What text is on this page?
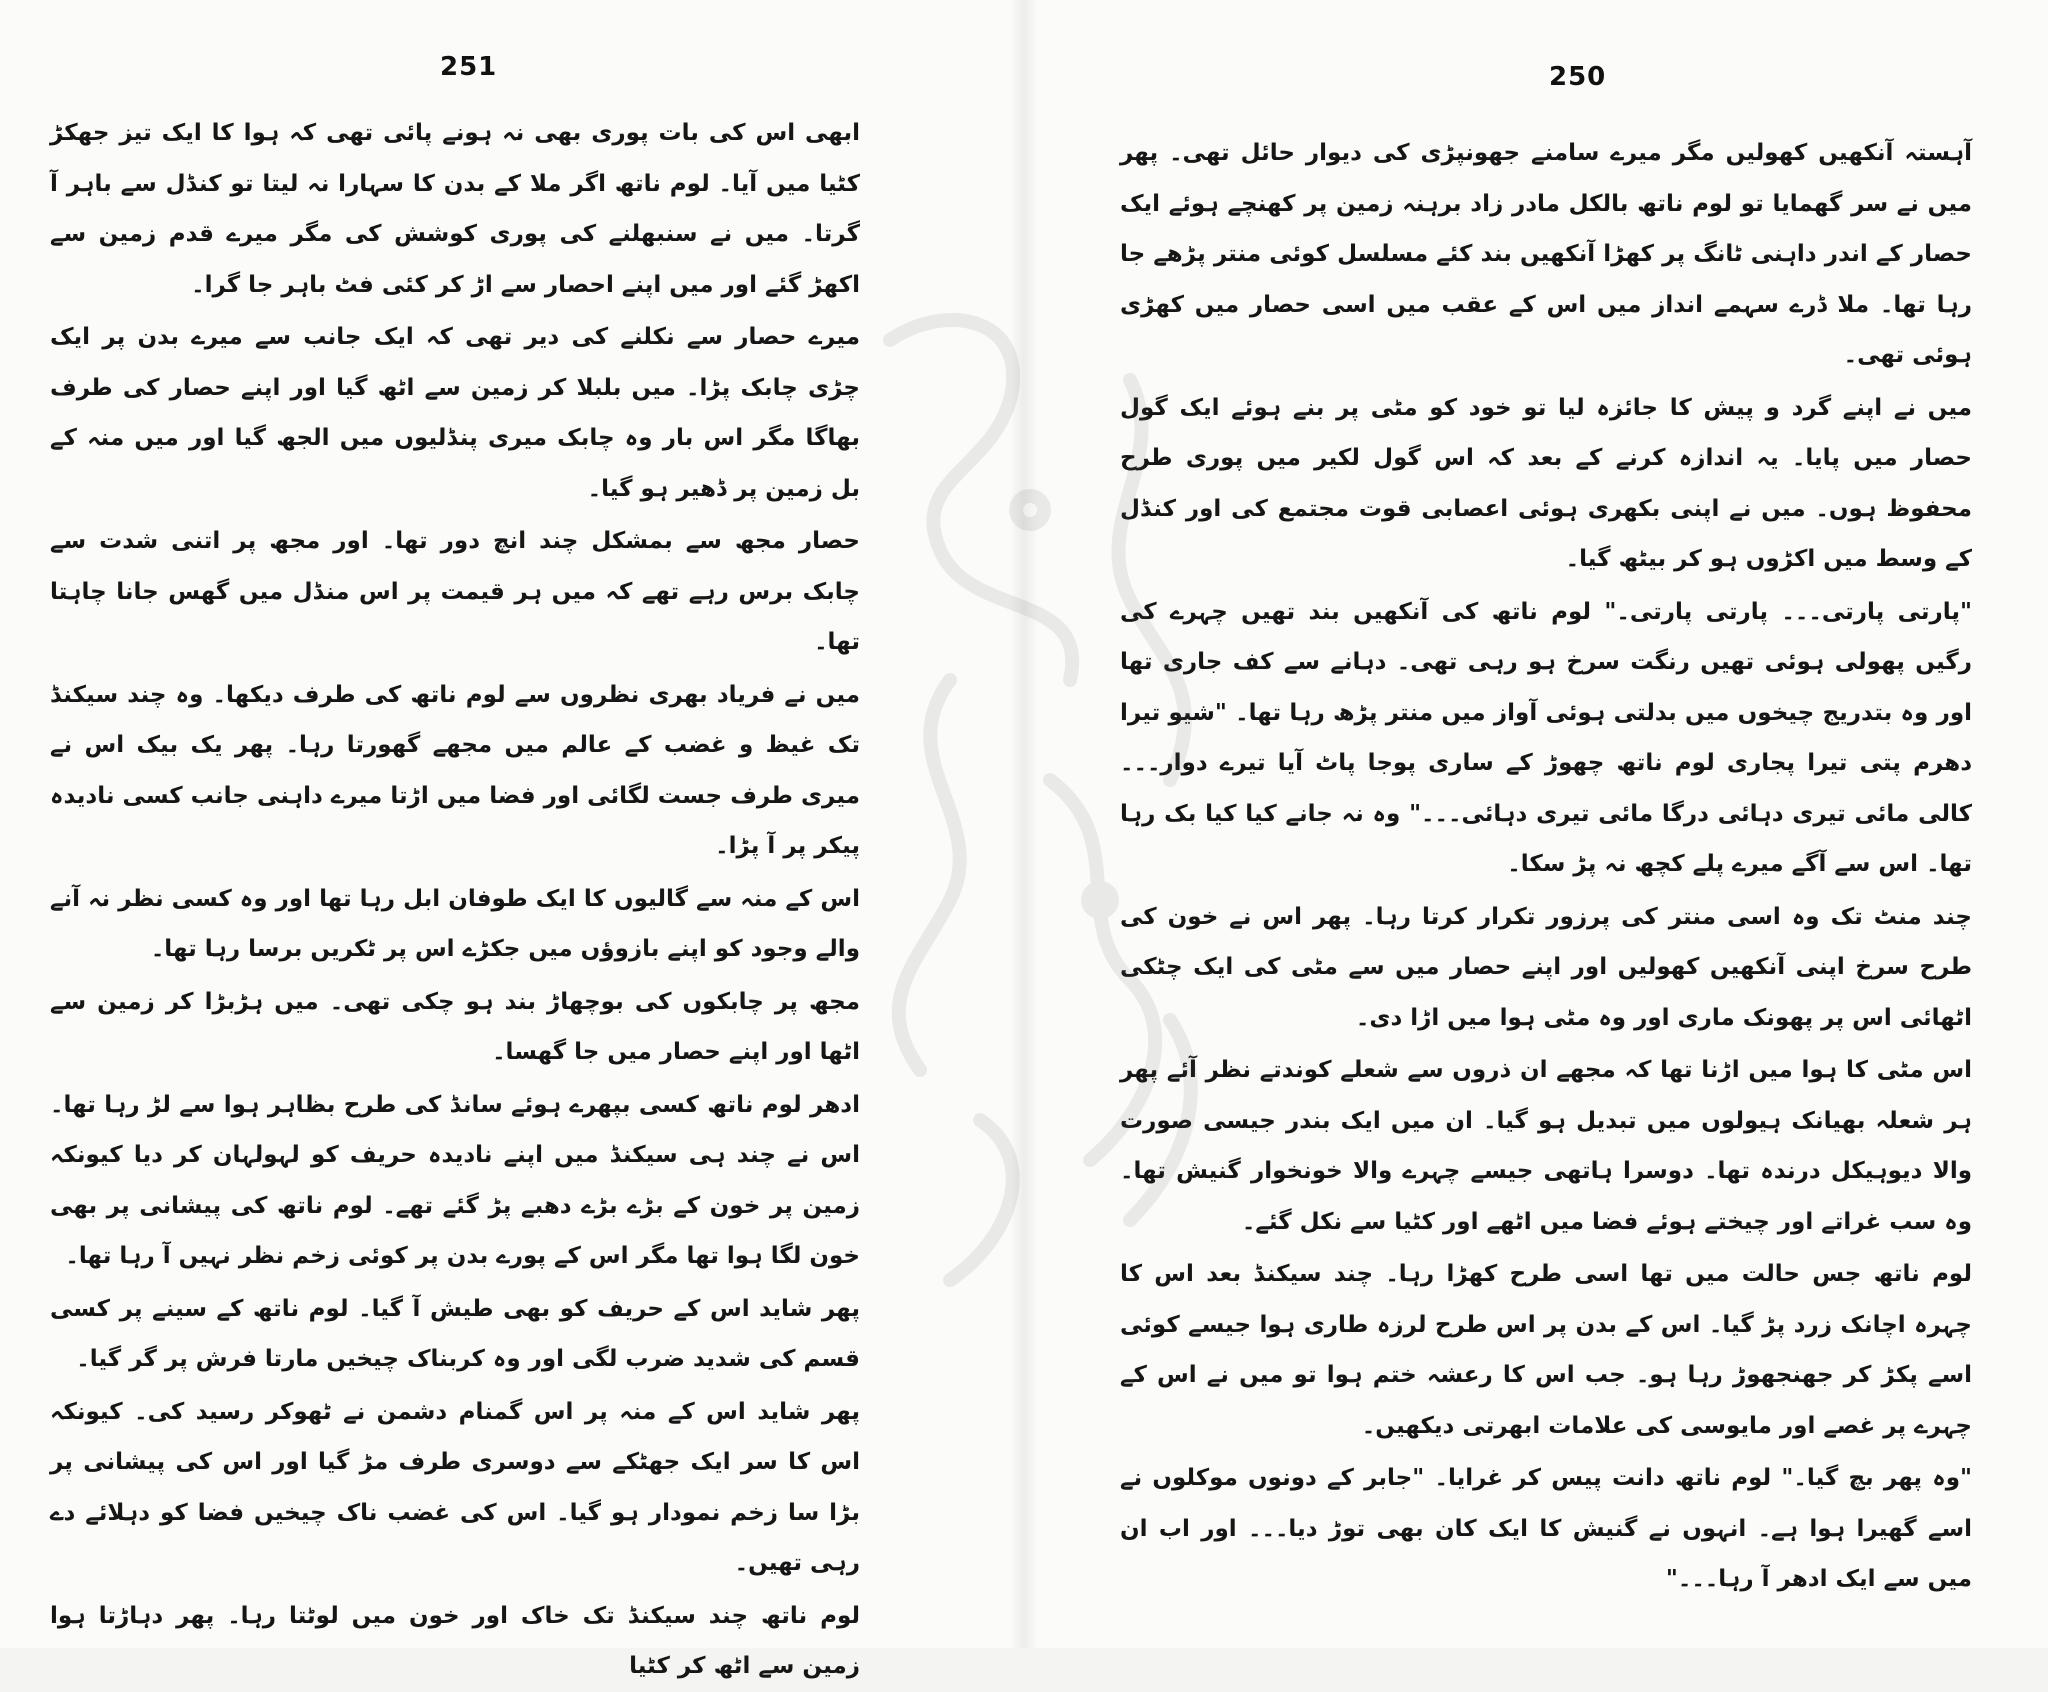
251

ابھی اس کی بات پوری بھی نہ ہونے پائی تھی کہ ہوا کا ایک تیز جھکڑ کٹیا میں آیا۔ لوم ناتھ اگر ملا کے بدن کا سہارا نہ لیتا تو کنڈل سے باہر آ گرتا۔ میں نے سنبھلنے کی پوری کوشش کی مگر میرے قدم زمین سے اکھڑ گئے اور میں اپنے احصار سے اڑ کر کئی فٹ باہر جا گرا۔

میرے حصار سے نکلنے کی دیر تھی کہ ایک جانب سے میرے بدن پر ایک چڑی چابک پڑا۔ میں بلبلا کر زمین سے اٹھ گیا اور اپنے حصار کی طرف بھاگا مگر اس بار وہ چابک میری پنڈلیوں میں الجھ گیا اور میں منہ کے بل زمین پر ڈھیر ہو گیا۔

حصار مجھ سے بمشکل چند انچ دور تھا۔ اور مجھ پر اتنی شدت سے چابک برس رہے تھے کہ میں ہر قیمت پر اس منڈل میں گھس جانا چاہتا تھا۔

میں نے فریاد بھری نظروں سے لوم ناتھ کی طرف دیکھا۔ وہ چند سیکنڈ تک غیظ و غضب کے عالم میں مجھے گھورتا رہا۔ پھر یک بیک اس نے میری طرف جست لگائی اور فضا میں اڑتا میرے داہنی جانب کسی نادیدہ پیکر پر آ پڑا۔

اس کے منہ سے گالیوں کا ایک طوفان ابل رہا تھا اور وہ کسی نظر نہ آنے والے وجود کو اپنے بازوؤں میں جکڑے اس پر ٹکریں برسا رہا تھا۔

مجھ پر چابکوں کی بوچھاڑ بند ہو چکی تھی۔ میں ہڑبڑا کر زمین سے اٹھا اور اپنے حصار میں جا گھسا۔

ادھر لوم ناتھ کسی بپھرے ہوئے سانڈ کی طرح بظاہر ہوا سے لڑ رہا تھا۔ اس نے چند ہی سیکنڈ میں اپنے نادیدہ حریف کو لہولہان کر دیا کیونکہ زمین پر خون کے بڑے بڑے دھبے پڑ گئے تھے۔ لوم ناتھ کی پیشانی پر بھی خون لگا ہوا تھا مگر اس کے پورے بدن پر کوئی زخم نظر نہیں آ رہا تھا۔

پھر شاید اس کے حریف کو بھی طیش آ گیا۔ لوم ناتھ کے سینے پر کسی قسم کی شدید ضرب لگی اور وہ کربناک چیخیں مارتا فرش پر گر گیا۔

پھر شاید اس کے منہ پر اس گمنام دشمن نے ٹھوکر رسید کی۔ کیونکہ اس کا سر ایک جھٹکے سے دوسری طرف مڑ گیا اور اس کی پیشانی پر بڑا سا زخم نمودار ہو گیا۔ اس کی غضب ناک چیخیں فضا کو دہلائے دے رہی تھیں۔

لوم ناتھ چند سیکنڈ تک خاک اور خون میں لوٹتا رہا۔ پھر دہاڑتا ہوا زمین سے اٹھ کر کٹیا

250

آہستہ آنکھیں کھولیں مگر میرے سامنے جھونپڑی کی دیوار حائل تھی۔ پھر میں نے سر گھمایا تو لوم ناتھ بالکل مادر زاد برہنہ زمین پر کھنچے ہوئے ایک حصار کے اندر داہنی ٹانگ پر کھڑا آنکھیں بند کئے مسلسل کوئی منتر پڑھے جا رہا تھا۔ ملا ڈرے سہمے انداز میں اس کے عقب میں اسی حصار میں کھڑی ہوئی تھی۔

میں نے اپنے گرد و پیش کا جائزہ لیا تو خود کو مٹی پر بنے ہوئے ایک گول حصار میں پایا۔ یہ اندازہ کرنے کے بعد کہ اس گول لکیر میں پوری طرح محفوظ ہوں۔ میں نے اپنی بکھری ہوئی اعصابی قوت مجتمع کی اور کنڈل کے وسط میں اکڑوں ہو کر بیٹھ گیا۔

"پارتی پارتی۔۔۔ پارتی پارتی۔" لوم ناتھ کی آنکھیں بند تھیں چہرے کی رگیں پھولی ہوئی تھیں رنگت سرخ ہو رہی تھی۔ دہانے سے کف جاری تھا اور وہ بتدریج چیخوں میں بدلتی ہوئی آواز میں منتر پڑھ رہا تھا۔ "شیو تیرا دھرم پتی تیرا پجاری لوم ناتھ چھوڑ کے ساری پوجا پاٹ آیا تیرے دوار۔۔۔ کالی مائی تیری دہائی درگا مائی تیری دہائی۔۔۔" وہ نہ جانے کیا کیا بک رہا تھا۔ اس سے آگے میرے پلے کچھ نہ پڑ سکا۔

چند منٹ تک وہ اسی منتر کی پرزور تکرار کرتا رہا۔ پھر اس نے خون کی طرح سرخ اپنی آنکھیں کھولیں اور اپنے حصار میں سے مٹی کی ایک چٹکی اٹھائی اس پر پھونک ماری اور وہ مٹی ہوا میں اڑا دی۔

اس مٹی کا ہوا میں اڑنا تھا کہ مجھے ان ذروں سے شعلے کوندتے نظر آئے پھر ہر شعلہ بھیانک ہیولوں میں تبدیل ہو گیا۔ ان میں ایک بندر جیسی صورت والا دیوہیکل درندہ تھا۔ دوسرا ہاتھی جیسے چہرے والا خونخوار گنیش تھا۔ وہ سب غراتے اور چیختے ہوئے فضا میں اٹھے اور کٹیا سے نکل گئے۔

لوم ناتھ جس حالت میں تھا اسی طرح کھڑا رہا۔ چند سیکنڈ بعد اس کا چہرہ اچانک زرد پڑ گیا۔ اس کے بدن پر اس طرح لرزہ طاری ہوا جیسے کوئی اسے پکڑ کر جھنجھوڑ رہا ہو۔ جب اس کا رعشہ ختم ہوا تو میں نے اس کے چہرے پر غصے اور مایوسی کی علامات ابھرتی دیکھیں۔

"وہ پھر بچ گیا۔" لوم ناتھ دانت پیس کر غرایا۔ "جابر کے دونوں موکلوں نے اسے گھیرا ہوا ہے۔ انہوں نے گنیش کا ایک کان بھی توڑ دیا۔۔۔ اور اب ان میں سے ایک ادھر آ رہا۔۔۔"
